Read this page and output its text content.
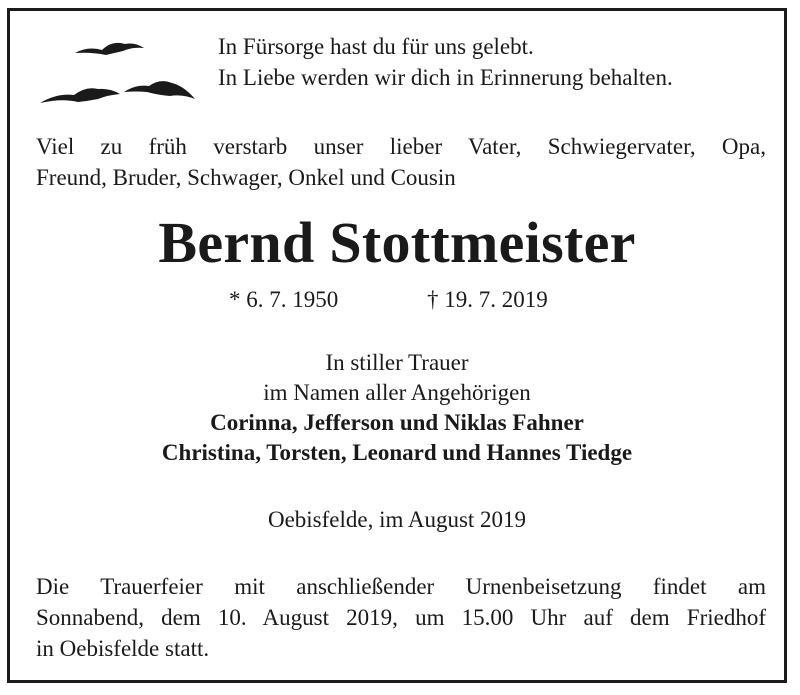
In Fürsorge hast du für uns gelebt.
In Liebe werden wir dich in Erinnerung behalten.
Viel zu früh verstarb unser lieber Vater, Schwiegervater, Opa,
Freund, Bruder, Schwager, Onkel und Cousin
Bernd Stottmeister
* 6. 7. 1950	† 19. 7. 2019
In stiller Trauer
im Namen aller Angehörigen
Corinna, Jefferson und Niklas Fahner
Christina, Torsten, Leonard und Hannes Tiedge
Oebisfelde, im August 2019
Die Trauerfeier mit anschließender Urnenbeisetzung findet am
Sonnabend, dem 10. August 2019, um 15.00 Uhr auf dem Friedhof
in Oebisfelde statt.
